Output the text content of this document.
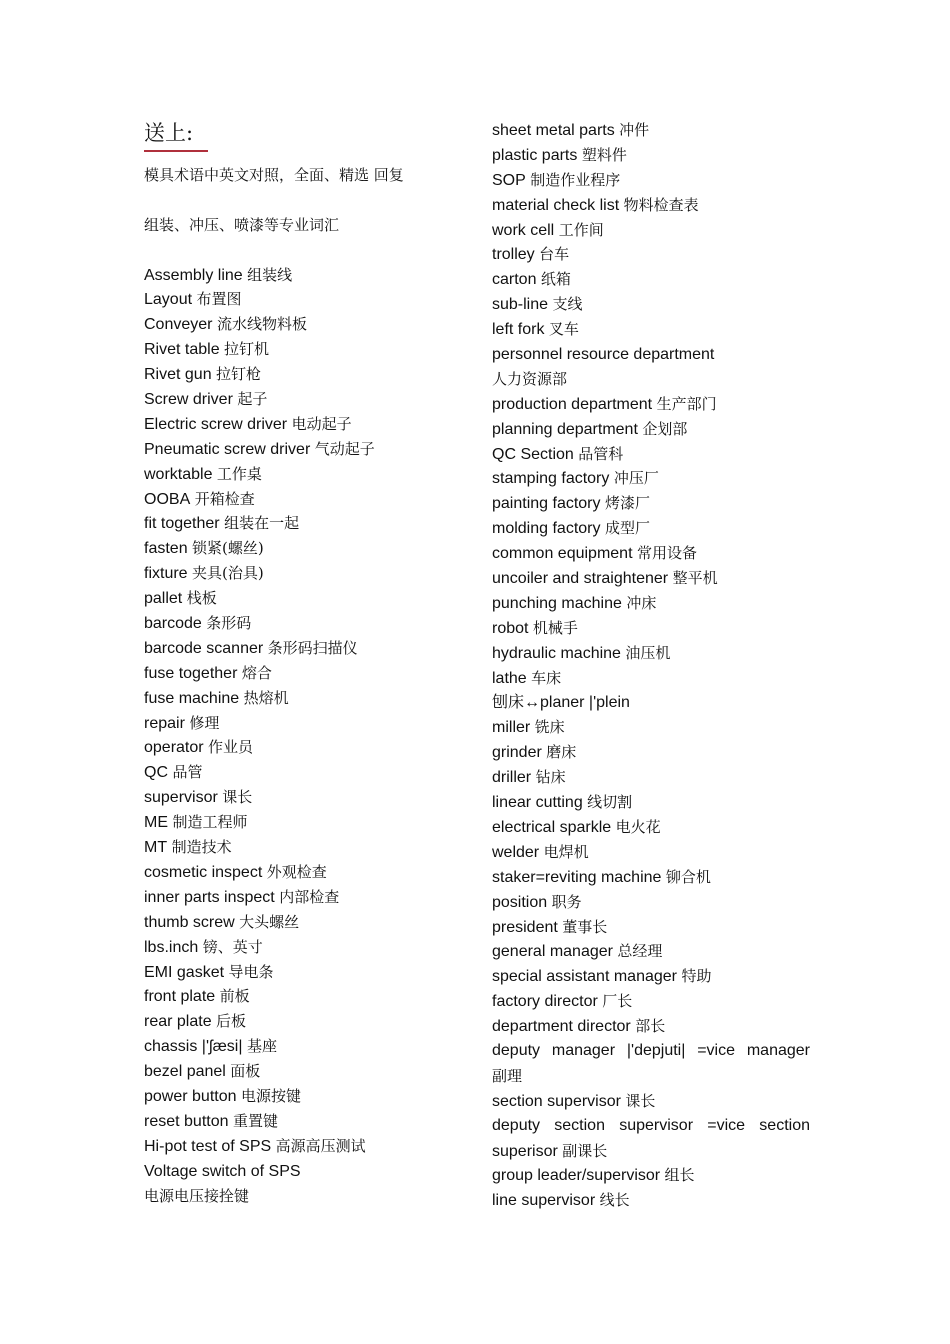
送上:
模具术语中英文对照，全面、精选 回复
组装、冲压、喷漆等专业词汇
Assembly line 组装线
Layout 布置图
Conveyer 流水线物料板
Rivet table 拉钉机
Rivet gun 拉钉枪
Screw driver 起子
Electric screw driver 电动起子
Pneumatic screw driver 气动起子
worktable 工作桌
OOBA 开箱检查
fit together 组装在一起
fasten 锁紧(螺丝)
fixture 夹具(治具)
pallet 栈板
barcode 条形码
barcode scanner 条形码扫描仪
fuse together 熔合
fuse machine 热熔机
repair 修理
operator 作业员
QC 品管
supervisor 课长
ME 制造工程师
MT 制造技术
cosmetic inspect 外观检查
inner parts inspect 内部检查
thumb screw 大头螺丝
lbs.inch 镑、英寸
EMI gasket 导电条
front plate 前板
rear plate 后板
chassis |'ʃæsi| 基座
bezel panel 面板
power button 电源按键
reset button 重置键
Hi-pot test of SPS 高源高压测试
Voltage switch of SPS
电源电压接拴键
sheet metal parts 冲件
plastic parts 塑料件
SOP 制造作业程序
material check list 物料检查表
work cell 工作间
trolley 台车
carton 纸箱
sub-line 支线
left fork 叉车
personnel resource department
人力资源部
production department 生产部门
planning department 企划部
QC Section 品管科
stamping factory 冲压厂
painting factory 烤漆厂
molding factory 成型厂
common equipment 常用设备
uncoiler and straightener 整平机
punching machine 冲床
robot 机械手
hydraulic machine 油压机
lathe 车床
刨床↔planer |'plein
miller 铣床
grinder 磨床
driller 钻床
linear cutting 线切割
electrical sparkle 电火花
welder 电焊机
staker=reviting machine 铆合机
position 职务
president 董事长
general manager 总经理
special assistant manager 特助
factory director 厂长
department director 部长
deputy manager |'depjuti| =vice manager
副理
section supervisor 课长
deputy section supervisor =vice section
superisor 副课长
group leader/supervisor 组长
line supervisor 线长
